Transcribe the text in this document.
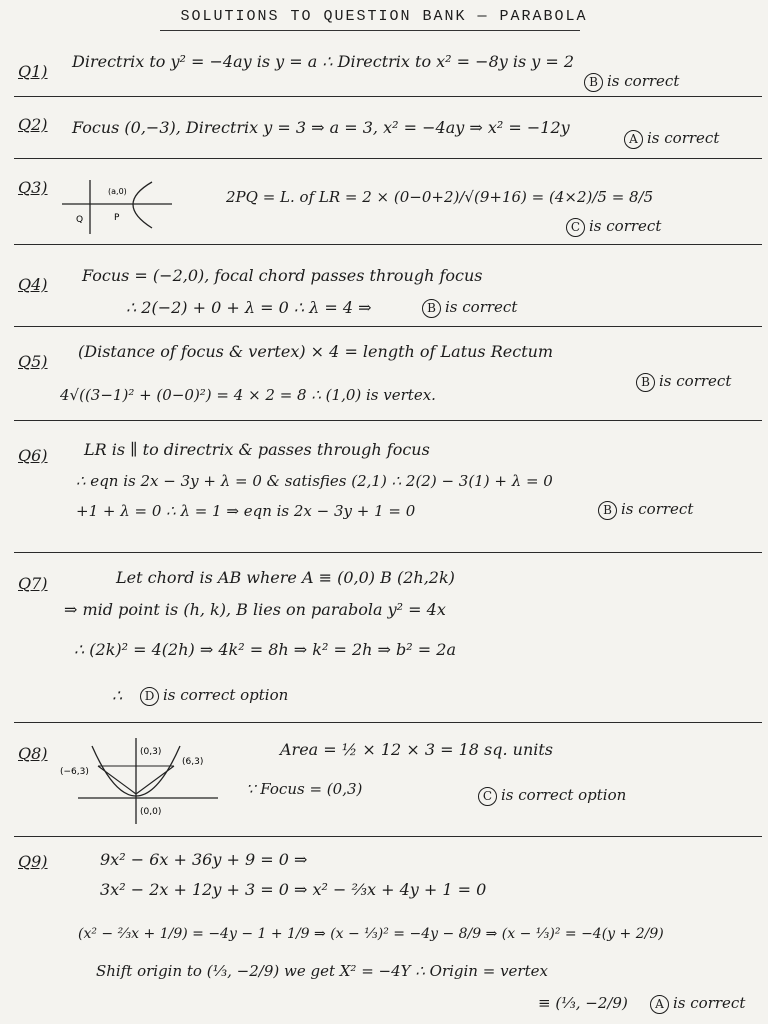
SOLUTIONS TO QUESTION BANK — PARABOLA
Q1)
Directrix to y² = −4ay is y = a ∴ Directrix to x² = −8y is y = 2
B is correct
Q2) Focus (0,−3), Directrix y = 3 ⇒ a = 3, x² = −4ay ⇒ x² = −12y
A is correct
Q3)	(a,0)
Q	P
2PQ = L. of LR = 2 × (0−0+2)/√(9+16) = (4×2)/5 = 8/5
C is correct
Q4) Focus = (−2,0), focal chord passes through focus
∴ 2(−2) + 0 + λ = 0 ∴ λ = 4 ⇒	B is correct
Q5)
(Distance of focus & vertex) × 4 = length of Latus Rectum
4√((3−1)² + (0−0)²) = 4 × 2 = 8 ∴ (1,0) is vertex.
B is correct
Q6) LR is ∥ to directrix & passes through focus
∴ eqn is 2x − 3y + λ = 0 & satisfies (2,1) ∴ 2(2) − 3(1) + λ = 0
+1 + λ = 0 ∴ λ = 1 ⇒ eqn is 2x − 3y + 1 = 0	B is correct
Q7)	Let chord is AB where A ≡ (0,0) B (2h,2k)
⇒ mid point is (h, k), B lies on parabola y² = 4x
∴ (2k)² = 4(2h) ⇒ 4k² = 8h ⇒ k² = 2h ⇒ b² = 2a
∴	D is correct option
Q8)
(−6,3)
(0,3)
(6,3)
(0,0)
Area = ½ × 12 × 3 = 18 sq. units
∵ Focus = (0,3)	C is correct option
Q9)	9x² − 6x + 36y + 9 = 0 ⇒
3x² − 2x + 12y + 3 = 0 ⇒ x² − ⅔x + 4y + 1 = 0
(x² − ⅔x + 1/9) = −4y − 1 + 1/9 ⇒ (x − ⅓)² = −4y − 8/9 ⇒ (x − ⅓)² = −4(y + 2/9)
Shift origin to (⅓, −2/9) we get X² = −4Y ∴ Origin = vertex
≡ (⅓, −2/9)	A is correct
